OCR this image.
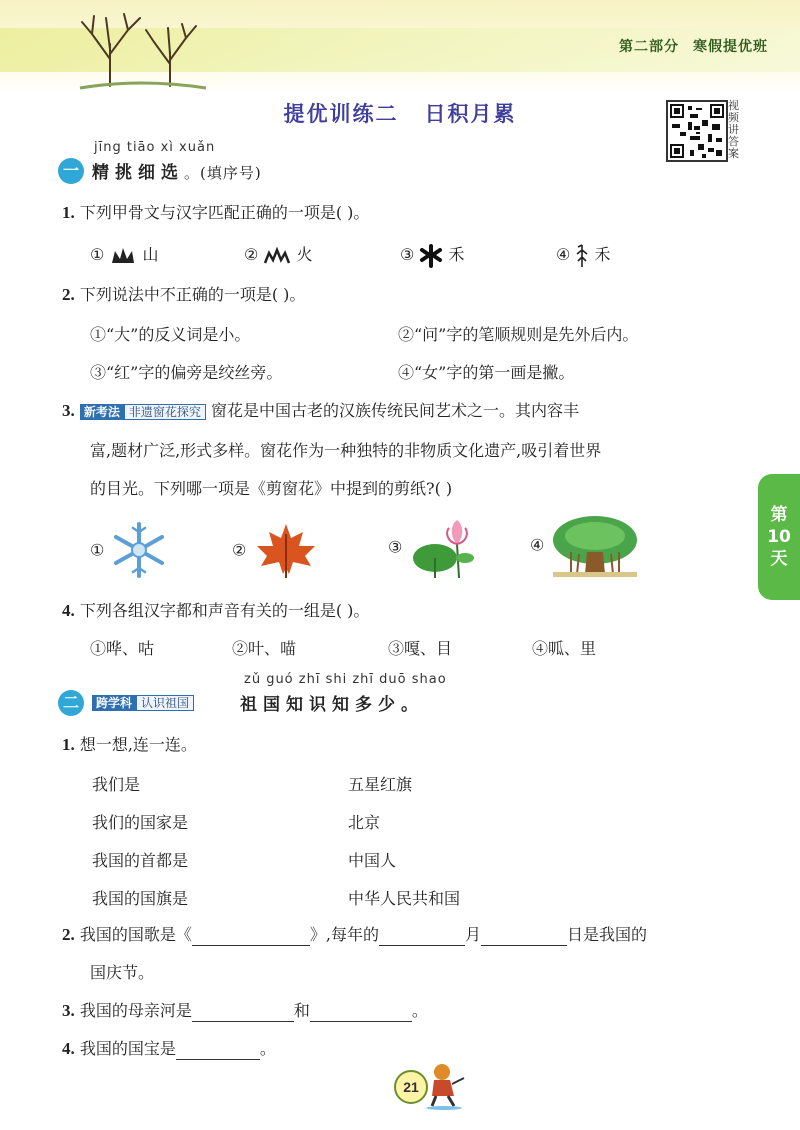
第二部分 寒假提优班
提优训练二 日积月累	视频讲答案
jīng tiāo xì xuǎn
一 精挑细选。(填序号)
1. 下列甲骨文与汉字匹配正确的一项是( )。
① 山	② 火	③ 禾	④ 禾
2. 下列说法中不正确的一项是( )。
①“大”的反义词是小。	②“问”字的笔顺规则是先外后内。
③“红”字的偏旁是绞丝旁。	④“女”字的第一画是撇。
3. 新考法 非遗窗花探究 窗花是中国古老的汉族传统民间艺术之一。其内容丰
富,题材广泛,形式多样。窗花作为一种独特的非物质文化遗产,吸引着世界
的目光。下列哪一项是《剪窗花》中提到的剪纸?( )
①	②	③	④
4. 下列各组汉字都和声音有关的一组是( )。
①哗、咕	②叶、喵	③嘎、目	④呱、里
zǔ guó zhī shi zhī duō shao
二	跨学科 认识祖国	祖国知识知多少。
1. 想一想,连一连。
我们是
我们的国家是
我国的首都是
我国的国旗是
五星红旗
北京
中国人
中华人民共和国
2. 我国的国歌是《	》,每年的	月	日是我国的
国庆节。
3. 我国的母亲河是	和	。
4. 我国的国宝是	。
第
10
天
21
